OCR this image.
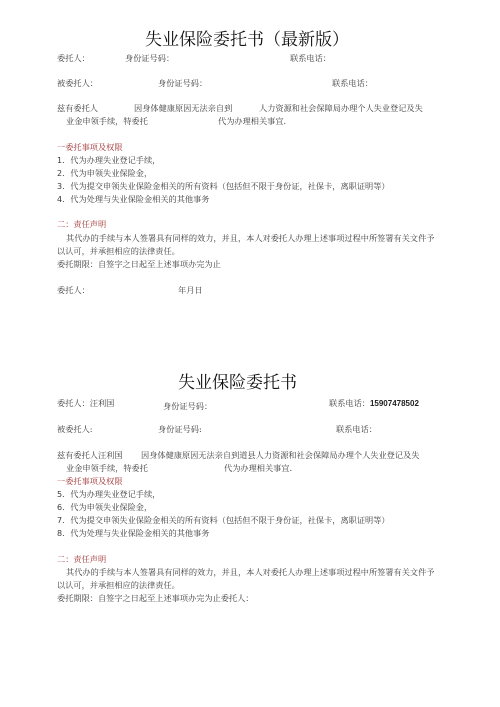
失业保险委托书（最新版）
委托人：	身份证号码：	联系电话：
被委托人：	身份证号码：	联系电话：
兹有委托人	因身体健康原因无法亲自到	人力资源和社会保障局办理个人失业登记及失
业金申领手续，特委托	代为办理相关事宜.
一委托事项及权限
1．代为办理失业登记手续，
2．代为申领失业保险金，
3．代为提交申领失业保险金相关的所有资料（包括但不限于身份证，社保卡，离职证明等）
4．代为处理与失业保险金相关的其他事务
二：责任声明
其代办的手续与本人签署具有同样的效力，并且，本人对委托人办理上述事项过程中所签署有关文件予
以认可，并承担相应的法律责任。
委托期限：自签字之日起至上述事项办完为止
委托人：	年月日
失业保险委托书
委托人：汪利国	身份证号码：	联系电话：15907478502
被委托人:	身份证号码:	联系电话：
兹有委托人汪利国 因身体健康原因无法亲自到道县人力资源和社会保障局办理个人失业登记及失
业金申领手续，特委托	代为办理相关事宜.
一委托事项及权限
5．代为办理失业登记手续，
6．代为申领失业保险金，
7．代为提交申领失业保险金相关的所有资料（包括但不限于身份证，社保卡，离职证明等）
8．代为处理与失业保险金相关的其他事务
二：责任声明
其代办的手续与本人签署具有同样的效力，并且，本人对委托人办理上述事项过程中所签署有关文件予
以认可，并承担相应的法律责任。
委托期限：自签字之日起至上述事项办完为止委托人：
